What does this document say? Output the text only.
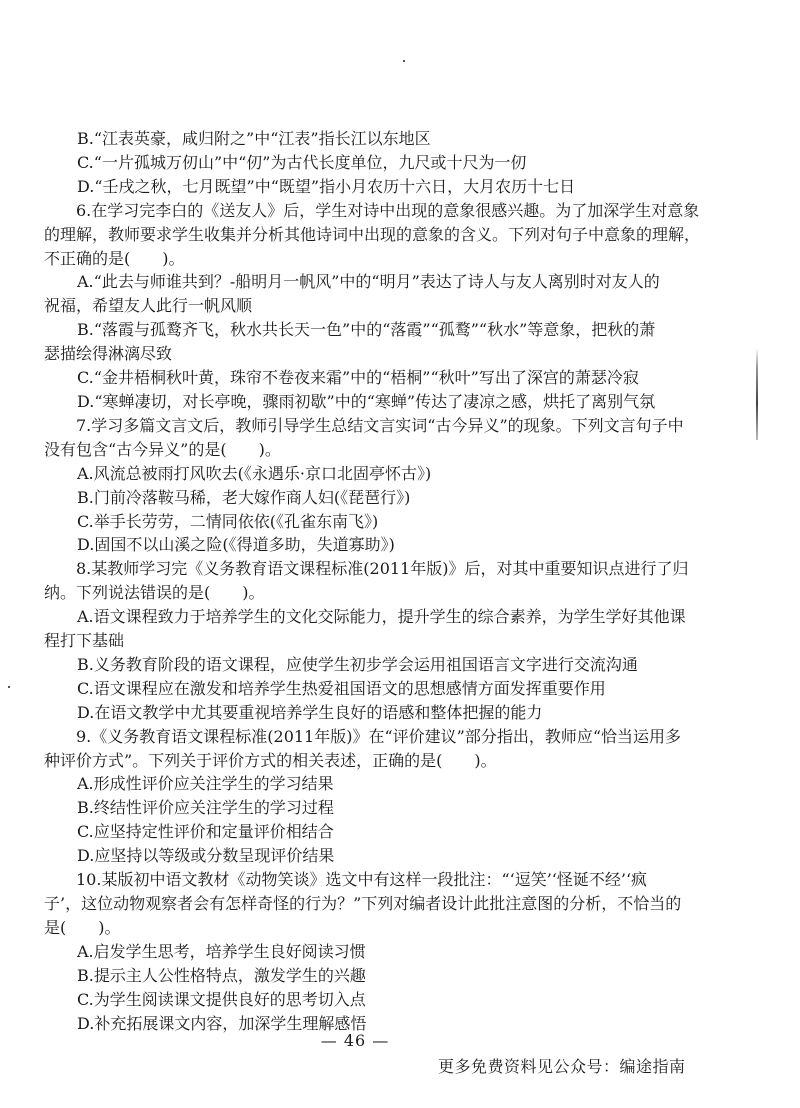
B.“江表英豪，咸归附之”中“江表”指长江以东地区
C.“一片孤城万仞山”中“仞”为古代长度单位，九尺或十尺为一仞
D.“壬戌之秋，七月既望”中“既望”指小月农历十六日，大月农历十七日
6.在学习完李白的《送友人》后，学生对诗中出现的意象很感兴趣。为了加深学生对意象
的理解，教师要求学生收集并分析其他诗词中出现的意象的含义。下列对句子中意象的理解，
不正确的是(　　)。
A.“此去与师谁共到？-船明月一帆风”中的“明月”表达了诗人与友人离别时对友人的
祝福，希望友人此行一帆风顺
B.“落霞与孤鹜齐飞，秋水共长天一色”中的“落霞”“孤鹜”“秋水”等意象，把秋的萧
瑟描绘得淋漓尽致
C.“金井梧桐秋叶黄，珠帘不卷夜来霜”中的“梧桐”“秋叶”写出了深宫的萧瑟冷寂
D.“寒蝉凄切，对长亭晚，骤雨初歇”中的“寒蝉”传达了凄凉之感，烘托了离别气氛
7.学习多篇文言文后，教师引导学生总结文言实词“古今异义”的现象。下列文言句子中
没有包含“古今异义”的是(　　)。
A.风流总被雨打风吹去(《永遇乐·京口北固亭怀古》)
B.门前冷落鞍马稀，老大嫁作商人妇(《琵琶行》)
C.举手长劳劳，二情同依依(《孔雀东南飞》)
D.固国不以山溪之险(《得道多助，失道寡助》)
8.某教师学习完《义务教育语文课程标准(2011年版)》后，对其中重要知识点进行了归
纳。下列说法错误的是(　　)。
A.语文课程致力于培养学生的文化交际能力，提升学生的综合素养，为学生学好其他课
程打下基础
B.义务教育阶段的语文课程，应使学生初步学会运用祖国语言文字进行交流沟通
C.语文课程应在激发和培养学生热爱祖国语文的思想感情方面发挥重要作用
D.在语文教学中尤其要重视培养学生良好的语感和整体把握的能力
9.《义务教育语文课程标准(2011年版)》在“评价建议”部分指出，教师应“恰当运用多
种评价方式”。下列关于评价方式的相关表述，正确的是(　　)。
A.形成性评价应关注学生的学习结果
B.终结性评价应关注学生的学习过程
C.应坚持定性评价和定量评价相结合
D.应坚持以等级或分数呈现评价结果
10.某版初中语文教材《动物笑谈》选文中有这样一段批注：“‘逗笑’‘怪诞不经’‘疯
子’，这位动物观察者会有怎样奇怪的行为？”下列对编者设计此批注意图的分析，不恰当的
是(　　)。
A.启发学生思考，培养学生良好阅读习惯
B.提示主人公性格特点，激发学生的兴趣
C.为学生阅读课文提供良好的思考切入点
D.补充拓展课文内容，加深学生理解感悟
— 46 —
更多免费资料见公众号：编途指南
